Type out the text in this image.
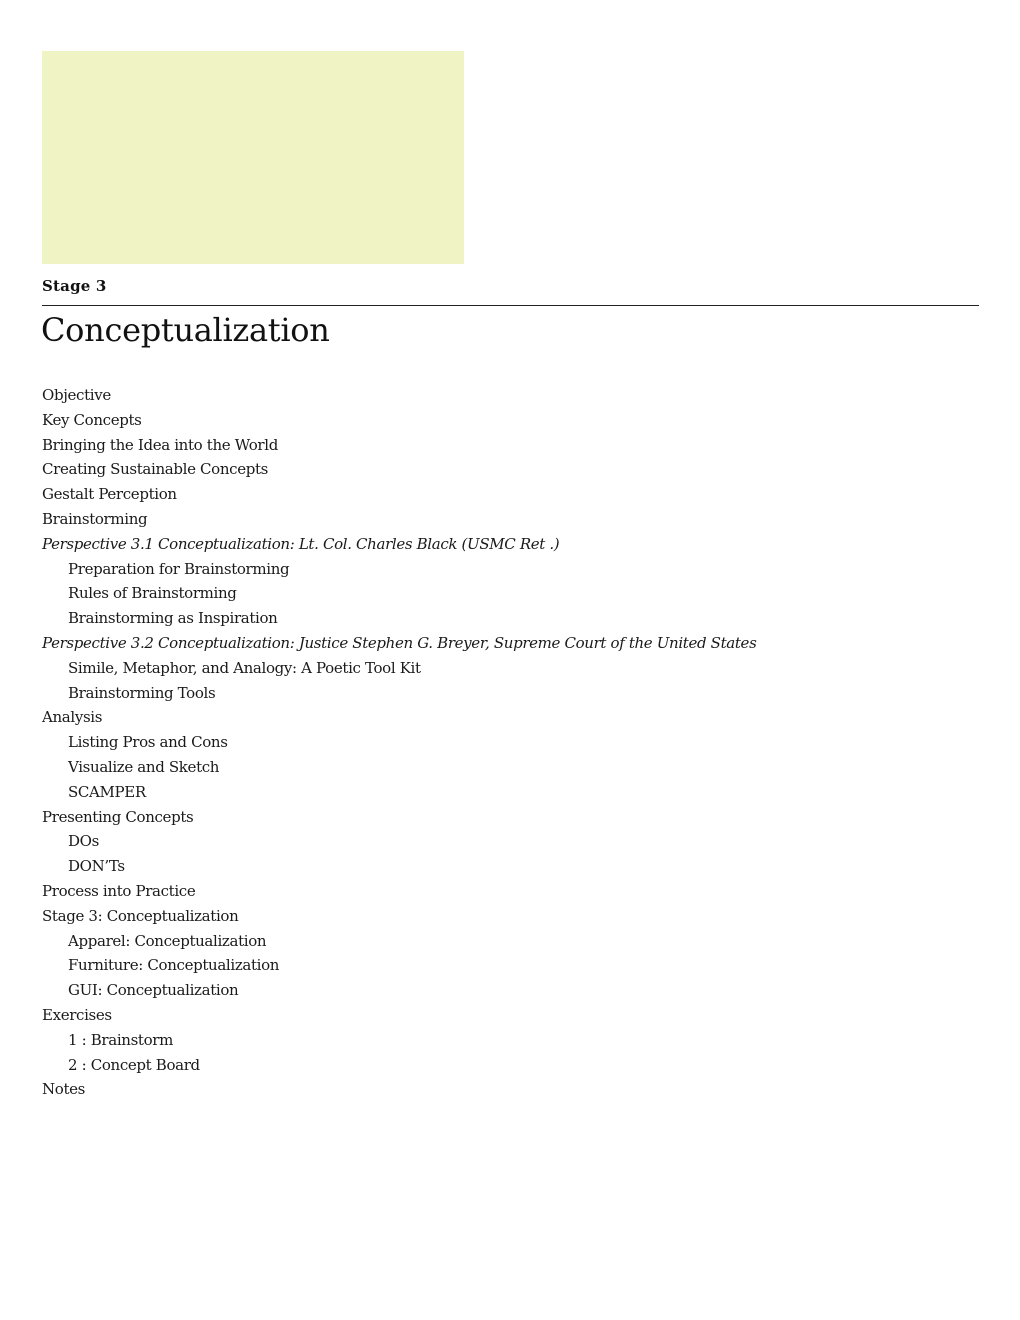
Stage 3
Conceptualization
Objective
Key Concepts
Bringing the Idea into the World
Creating Sustainable Concepts
Gestalt Perception
Brainstorming
Perspective 3.1 Conceptualization: Lt. Col. Charles Black (USMC Ret .)
Preparation for Brainstorming
Rules of Brainstorming
Brainstorming as Inspiration
Perspective 3.2 Conceptualization: Justice Stephen G. Breyer, Supreme Court of the United States
Simile, Metaphor, and Analogy: A Poetic Tool Kit
Brainstorming Tools
Analysis
Listing Pros and Cons
Visualize and Sketch
SCAMPER
Presenting Concepts
DOs
DON’Ts
Process into Practice
Stage 3: Conceptualization
Apparel: Conceptualization
Furniture: Conceptualization
GUI: Conceptualization
Exercises
1 : Brainstorm
2 : Concept Board
Notes
